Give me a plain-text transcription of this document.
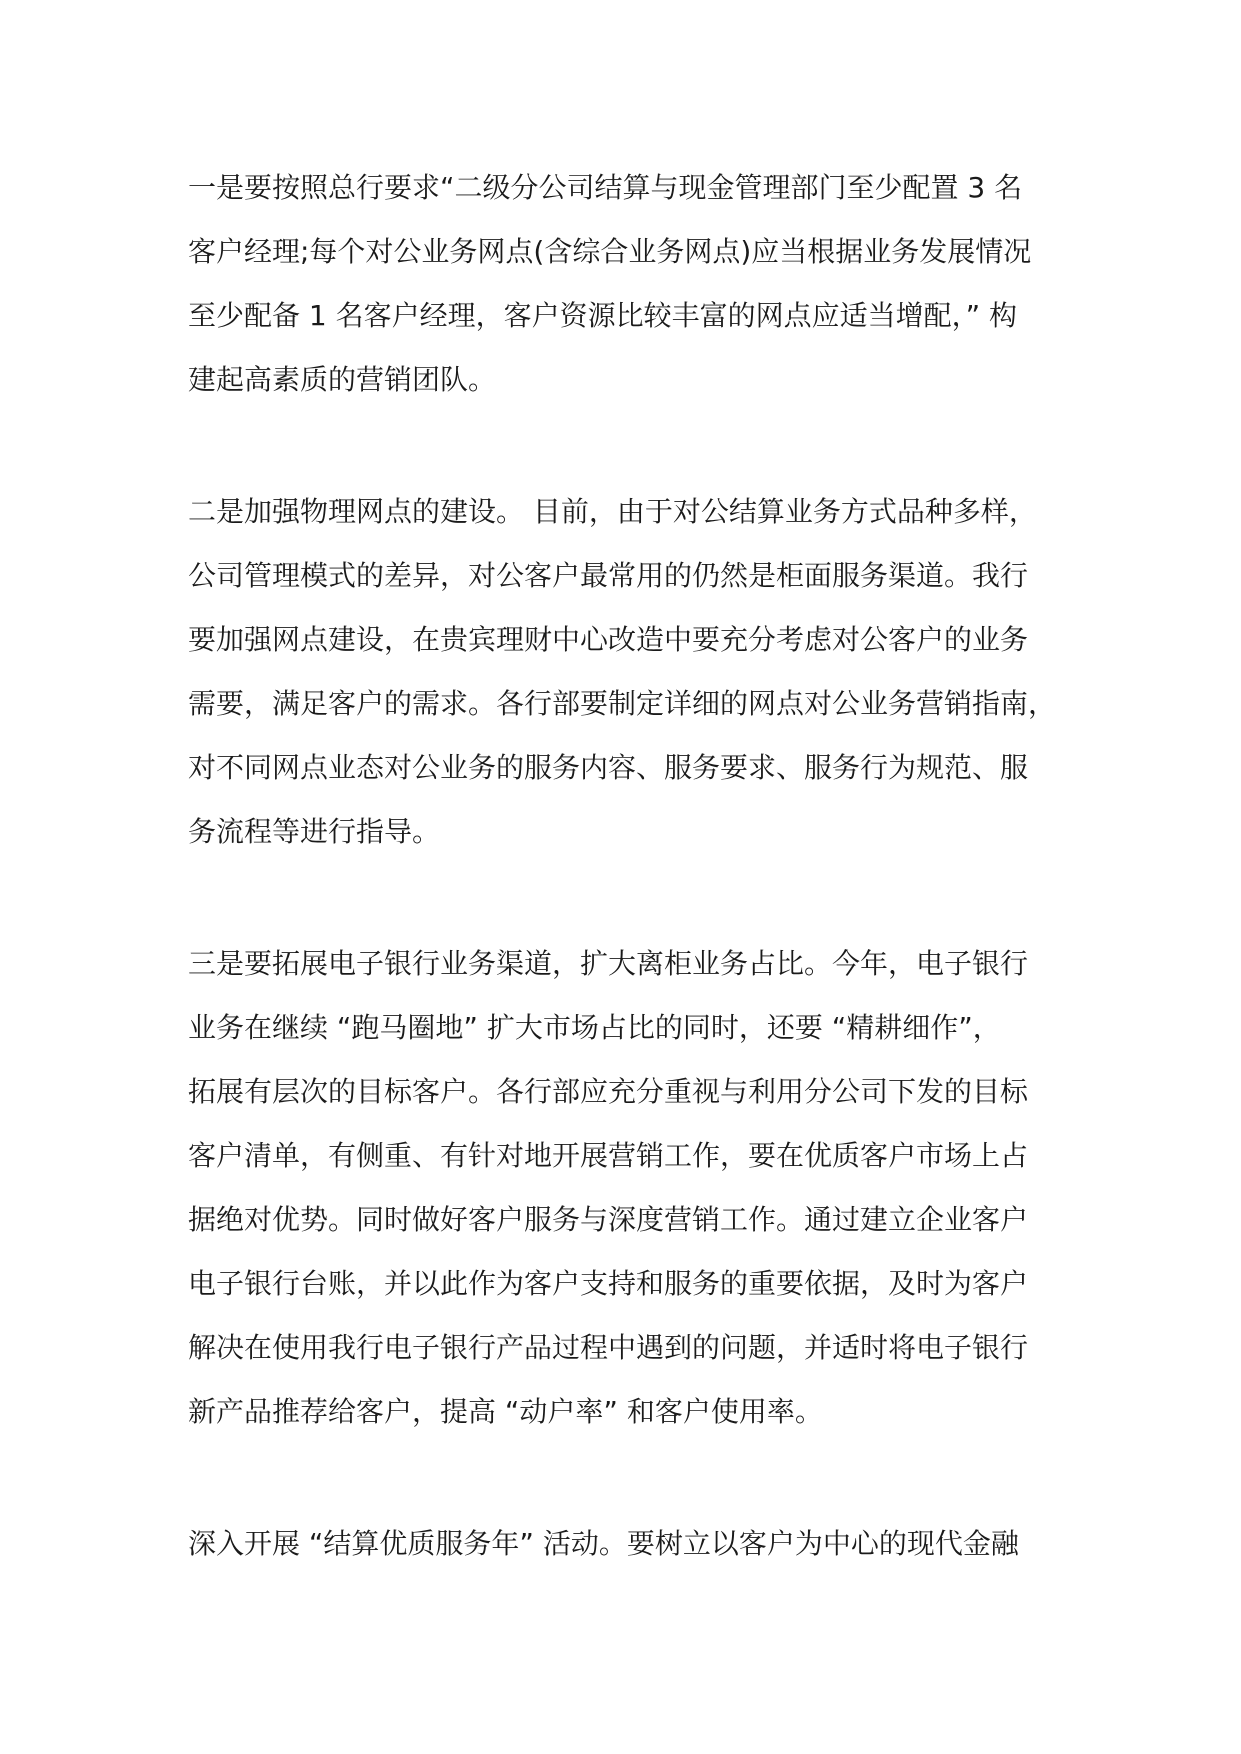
一是要按照总行要求“二级分公司结算与现金管理部门至少配置 3 名
客户经理;每个对公业务网点(含综合业务网点)应当根据业务发展情况
至少配备 1 名客户经理，客户资源比较丰富的网点应适当增配，” 构
建起高素质的营销团队。

二是加强物理网点的建设。 目前，由于对公结算业务方式品种多样，
公司管理模式的差异，对公客户最常用的仍然是柜面服务渠道。我行
要加强网点建设，在贵宾理财中心改造中要充分考虑对公客户的业务
需要，满足客户的需求。各行部要制定详细的网点对公业务营销指南，
对不同网点业态对公业务的服务内容、服务要求、服务行为规范、服
务流程等进行指导。

三是要拓展电子银行业务渠道，扩大离柜业务占比。今年，电子银行
业务在继续 “跑马圈地” 扩大市场占比的同时，还要 “精耕细作”，
拓展有层次的目标客户。各行部应充分重视与利用分公司下发的目标
客户清单，有侧重、有针对地开展营销工作，要在优质客户市场上占
据绝对优势。同时做好客户服务与深度营销工作。通过建立企业客户
电子银行台账，并以此作为客户支持和服务的重要依据，及时为客户
解决在使用我行电子银行产品过程中遇到的问题，并适时将电子银行
新产品推荐给客户，提高 “动户率” 和客户使用率。

深入开展 “结算优质服务年” 活动。要树立以客户为中心的现代金融
